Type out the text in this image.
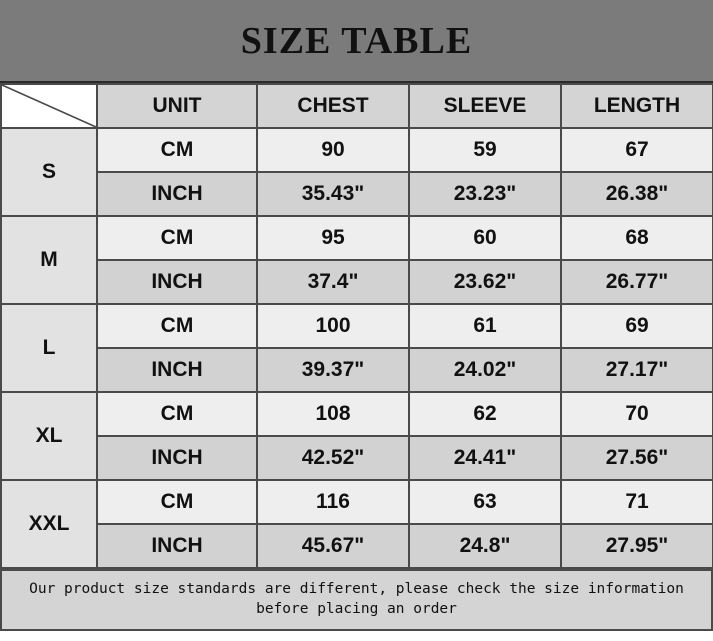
SIZE TABLE
	UNIT	CHEST	SLEEVE	LENGTH
S	CM	90	59	67
	INCH	35.43"	23.23"	26.38"
M	CM	95	60	68
	INCH	37.4"	23.62"	26.77"
L	CM	100	61	69
	INCH	39.37"	24.02"	27.17"
XL	CM	108	62	70
	INCH	42.52"	24.41"	27.56"
XXL	CM	116	63	71
	INCH	45.67"	24.8"	27.95"
Our product size standards are different, please check the size information
before placing an order
